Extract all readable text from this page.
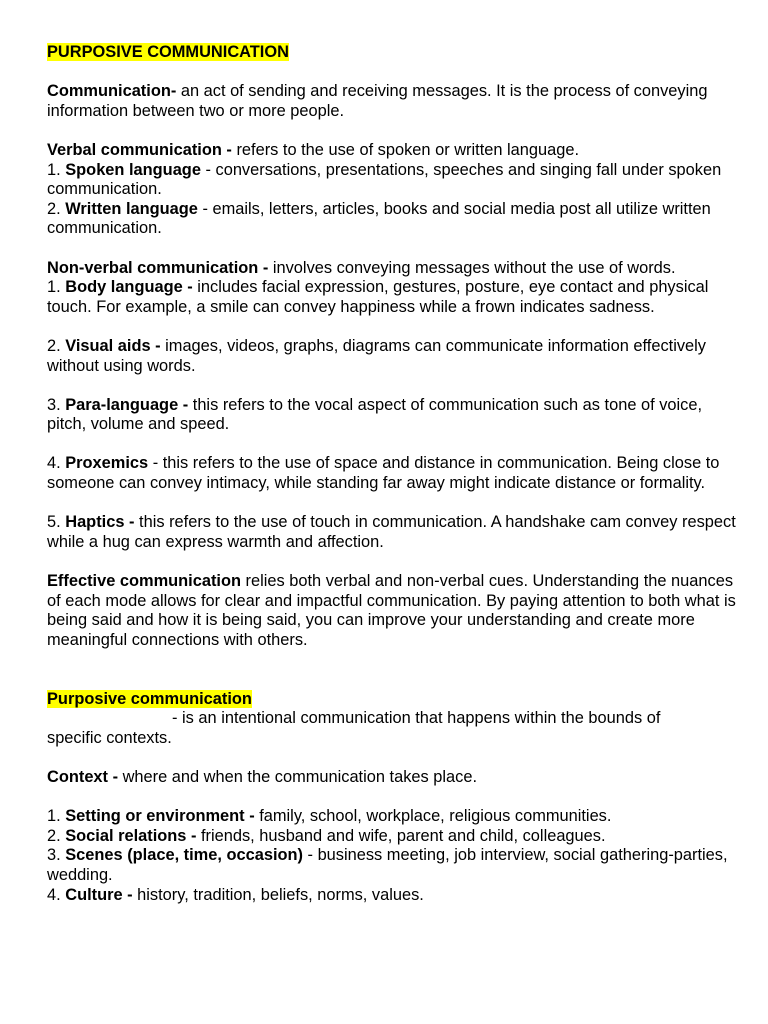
PURPOSIVE COMMUNICATION

Communication- an act of sending and receiving messages. It is the process of conveying information between two or more people.

Verbal communication - refers to the use of spoken or written language.

1. Spoken language - conversations, presentations, speeches and singing fall under spoken communication.

2. Written language - emails, letters, articles, books and social media post all utilize written communication.

Non-verbal communication - involves conveying messages without the use of words.

1. Body language - includes facial expression, gestures, posture, eye contact and physical touch. For example, a smile can convey happiness while a frown indicates sadness.

2. Visual aids - images, videos, graphs, diagrams can communicate information effectively without using words.

3. Para-language - this refers to the vocal aspect of communication such as tone of voice, pitch, volume and speed.

4. Proxemics - this refers to the use of space and distance in communication. Being close to someone can convey intimacy, while standing far away might indicate distance or formality.

5. Haptics - this refers to the use of touch in communication. A handshake cam convey respect while a hug can express warmth and affection.

Effective communication relies both verbal and non-verbal cues. Understanding the nuances of each mode allows for clear and impactful communication. By paying attention to both what is being said and how it is being said, you can improve your understanding and create more meaningful connections with others.

Purposive communication

- is an intentional communication that happens within the bounds of

specific contexts.

Context - where and when the communication takes place.

1. Setting or environment - family, school, workplace, religious communities.

2. Social relations - friends, husband and wife, parent and child, colleagues.

3. Scenes (place, time, occasion) - business meeting, job interview, social gathering-parties, wedding.

4. Culture - history, tradition, beliefs, norms, values.
